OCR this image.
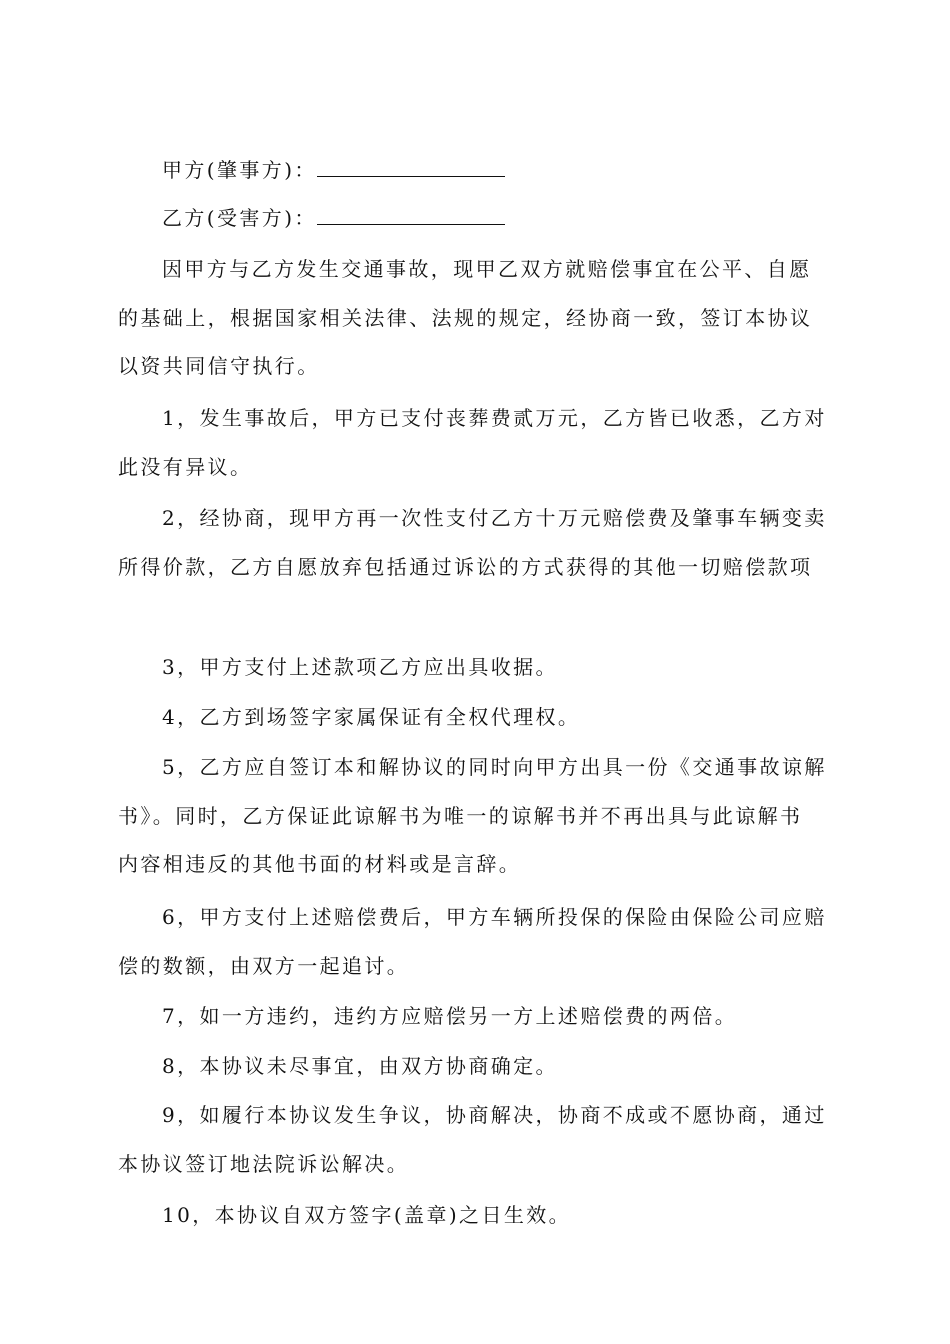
甲方(肇事方)：
乙方(受害方)：
因甲方与乙方发生交通事故，现甲乙双方就赔偿事宜在公平、自愿
的基础上，根据国家相关法律、法规的规定，经协商一致，签订本协议
以资共同信守执行。
1，发生事故后，甲方已支付丧葬费贰万元，乙方皆已收悉，乙方对
此没有异议。
2，经协商，现甲方再一次性支付乙方十万元赔偿费及肇事车辆变卖
所得价款，乙方自愿放弃包括通过诉讼的方式获得的其他一切赔偿款项
3，甲方支付上述款项乙方应出具收据。
4，乙方到场签字家属保证有全权代理权。
5，乙方应自签订本和解协议的同时向甲方出具一份《交通事故谅解
书》。同时，乙方保证此谅解书为唯一的谅解书并不再出具与此谅解书
内容相违反的其他书面的材料或是言辞。
6，甲方支付上述赔偿费后，甲方车辆所投保的保险由保险公司应赔
偿的数额，由双方一起追讨。
7，如一方违约，违约方应赔偿另一方上述赔偿费的两倍。
8，本协议未尽事宜，由双方协商确定。
9，如履行本协议发生争议，协商解决，协商不成或不愿协商，通过
本协议签订地法院诉讼解决。
10，本协议自双方签字(盖章)之日生效。
